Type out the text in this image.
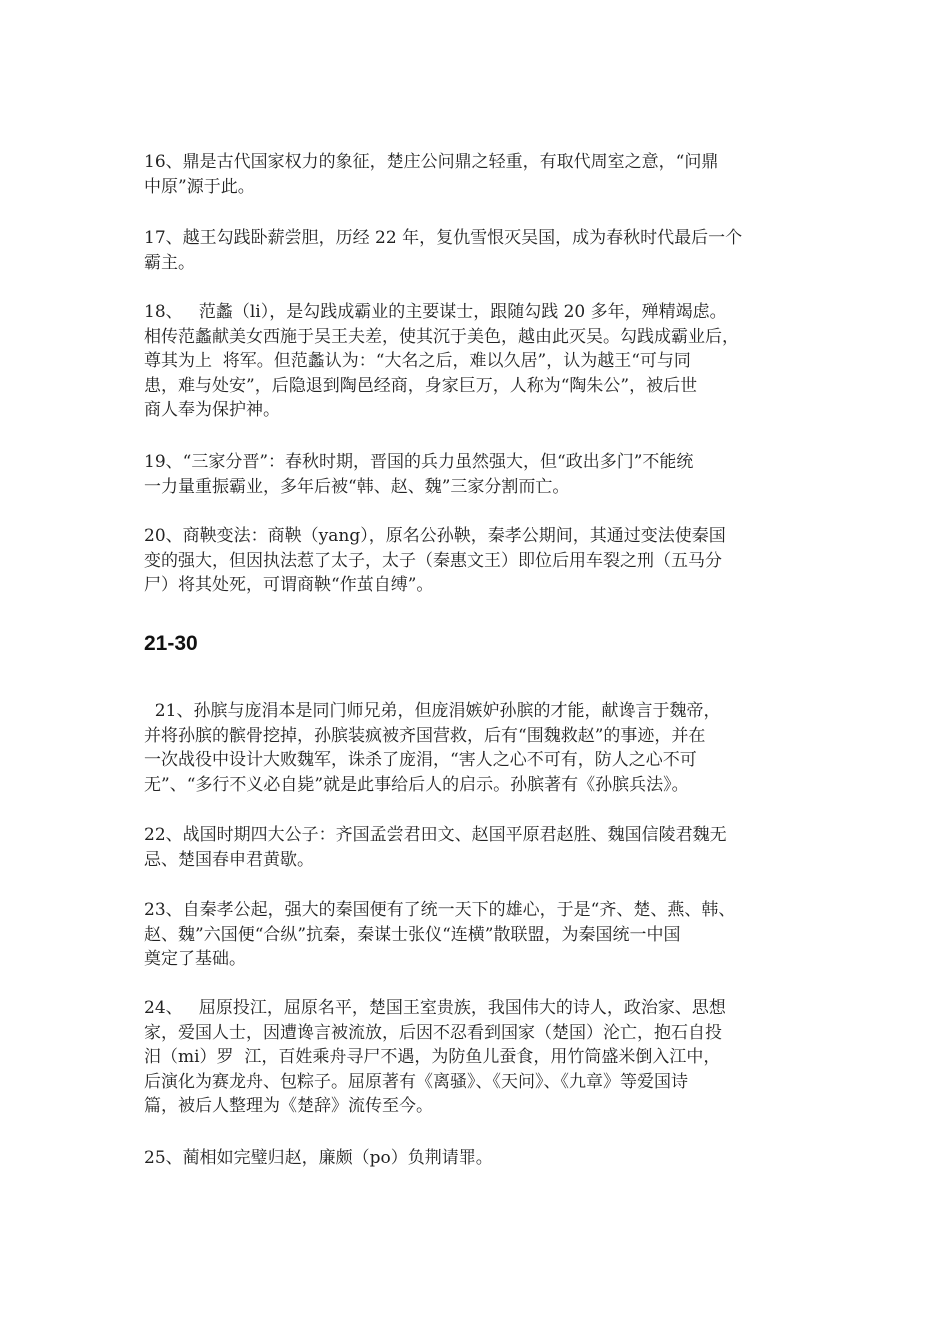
16、鼎是古代国家权力的象征，楚庄公问鼎之轻重，有取代周室之意，“问鼎
中原”源于此。
17、越王勾践卧薪尝胆，历经 22 年，复仇雪恨灭吴国，成为春秋时代最后一个
霸主。
18、   范蠡（li），是勾践成霸业的主要谋士，跟随勾践 20 多年，殚精竭虑。
相传范蠡献美女西施于吴王夫差，使其沉于美色，越由此灭吴。勾践成霸业后，
尊其为上  将军。但范蠡认为：“大名之后，难以久居”，认为越王“可与同
患，难与处安”，后隐退到陶邑经商，身家巨万，人称为“陶朱公”，被后世
商人奉为保护神。
19、“三家分晋”：春秋时期，晋国的兵力虽然强大，但“政出多门”不能统
一力量重振霸业，多年后被“韩、赵、魏”三家分割而亡。
20、商鞅变法：商鞅（yang），原名公孙鞅，秦孝公期间，其通过变法使秦国
变的强大，但因执法惹了太子，太子（秦惠文王）即位后用车裂之刑（五马分
尸）将其处死，可谓商鞅“作茧自缚”。
21-30
21、孙膑与庞涓本是同门师兄弟，但庞涓嫉妒孙膑的才能，献谗言于魏帝，
并将孙膑的髌骨挖掉，孙膑装疯被齐国营救，后有“围魏救赵”的事迹，并在
一次战役中设计大败魏军，诛杀了庞涓，“害人之心不可有，防人之心不可
无”、“多行不义必自毙”就是此事给后人的启示。孙膑著有《孙膑兵法》。
22、战国时期四大公子：齐国孟尝君田文、赵国平原君赵胜、魏国信陵君魏无
忌、楚国春申君黄歇。
23、自秦孝公起，强大的秦国便有了统一天下的雄心，于是“齐、楚、燕、韩、
赵、魏”六国便“合纵”抗秦，秦谋士张仪“连横”散联盟，为秦国统一中国
奠定了基础。
24、   屈原投江，屈原名平，楚国王室贵族，我国伟大的诗人，政治家、思想
家，爱国人士，因遭谗言被流放，后因不忍看到国家（楚国）沦亡，抱石自投
汨（mi）罗  江，百姓乘舟寻尸不遇，为防鱼儿蚕食，用竹筒盛米倒入江中，
后演化为赛龙舟、包粽子。屈原著有《离骚》、《天问》、《九章》等爱国诗
篇，被后人整理为《楚辞》流传至今。
25、蔺相如完璧归赵，廉颇（po）负荆请罪。
